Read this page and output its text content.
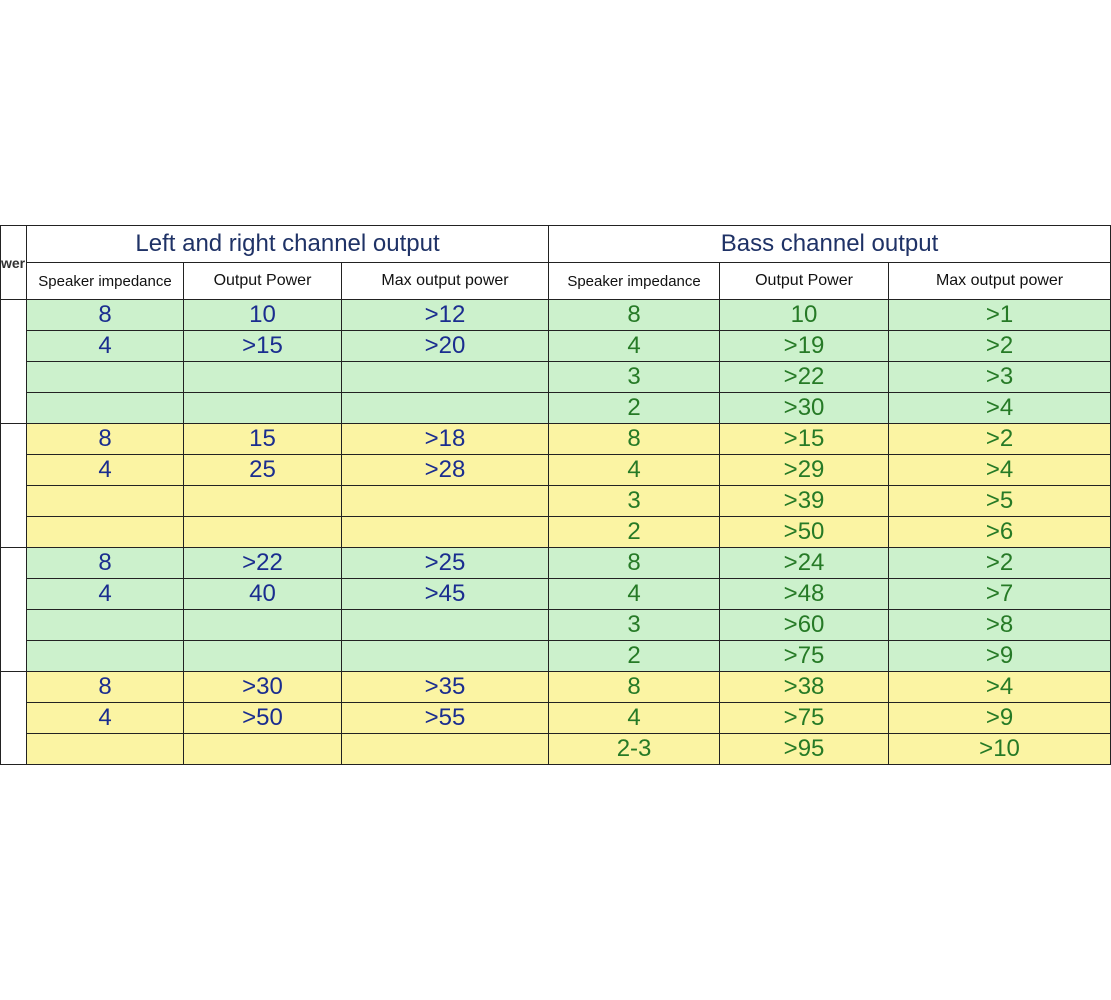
wer	Left and right channel output			Bass channel output		
	Speaker impedance	Output Power	Max output power	Speaker impedance	Output Power	Max output power
	8	10	>12	8	10	>1
	4	>15	>20	4	>19	>2
				3	>22	>3
				2	>30	>4
	8	15	>18	8	>15	>2
	4	25	>28	4	>29	>4
				3	>39	>5
				2	>50	>6
	8	>22	>25	8	>24	>2
	4	40	>45	4	>48	>7
				3	>60	>8
				2	>75	>9
	8	>30	>35	8	>38	>4
	4	>50	>55	4	>75	>9
				2-3	>95	>10
